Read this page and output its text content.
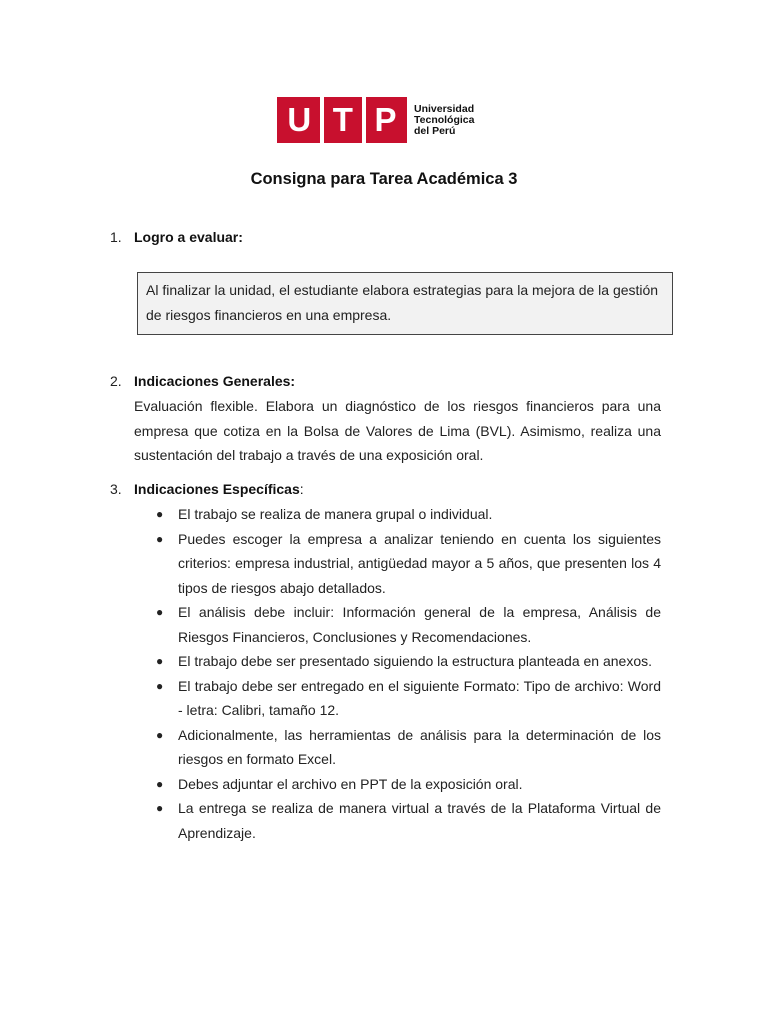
U T P Universidad
Tecnológica
del Perú
Consigna para Tarea Académica 3
1. Logro a evaluar:
Al finalizar la unidad, el estudiante elabora estrategias para la mejora de la gestión de riesgos financieros en una empresa.
2. Indicaciones Generales:
Evaluación flexible. Elabora un diagnóstico de los riesgos financieros para una empresa que cotiza en la Bolsa de Valores de Lima (BVL). Asimismo, realiza una sustentación del trabajo a través de una exposición oral.
3. Indicaciones Específicas:
● El trabajo se realiza de manera grupal o individual.
● Puedes escoger la empresa a analizar teniendo en cuenta los siguientes criterios: empresa industrial, antigüedad mayor a 5 años, que presenten los 4 tipos de riesgos abajo detallados.
● El análisis debe incluir: Información general de la empresa, Análisis de Riesgos Financieros, Conclusiones y Recomendaciones.
● El trabajo debe ser presentado siguiendo la estructura planteada en anexos.
● El trabajo debe ser entregado en el siguiente Formato: Tipo de archivo: Word - letra: Calibri, tamaño 12.
● Adicionalmente, las herramientas de análisis para la determinación de los riesgos en formato Excel.
● Debes adjuntar el archivo en PPT de la exposición oral.
● La entrega se realiza de manera virtual a través de la Plataforma Virtual de Aprendizaje.
